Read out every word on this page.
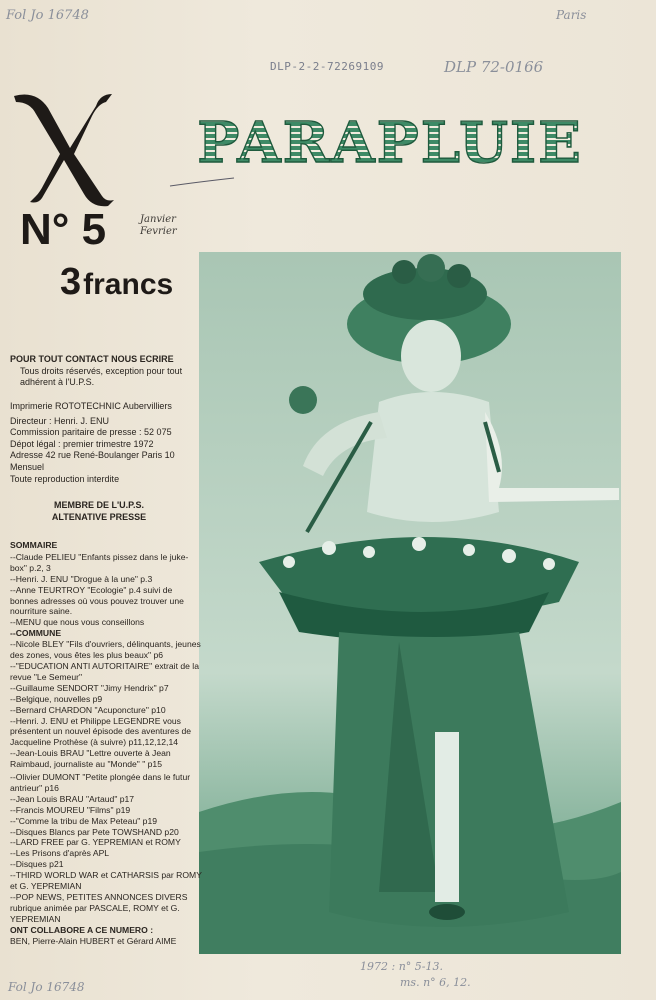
Fol Jo 16748	Paris
DLP-2-2-72269109	DLP 72-0166
N° 5	Janvier
Fevrier
3 francs
PARAPLUIE

POUR TOUT CONTACT NOUS ECRIRE

Tous droits réservés, exception pour tout adhérent à l'U.P.S.

Imprimerie ROTOTECHNIC Aubervilliers

Directeur : Henri. J. ENU

Commission paritaire de presse : 52 075

Dépot légal : premier trimestre 1972

Adresse 42 rue René-Boulanger Paris 10

Mensuel

Toute reproduction interdite

MEMBRE DE L'U.P.S.

ALTENATIVE PRESSE

SOMMAIRE

--Claude PELIEU "Enfants pissez dans le juke-box" p.2, 3

--Henri. J. ENU "Drogue à la une" p.3

--Anne TEURTROY "Ecologie" p.4 suivi de bonnes adresses où vous pouvez trouver une nourriture saine.

--MENU que nous vous conseillons

--COMMUNE

--Nicole BLEY "Fils d'ouvriers, délinquants, jeunes des zones, vous êtes les plus beaux" p6

--"EDUCATION ANTI AUTORITAIRE" extrait de la revue "Le Semeur"

--Guillaume SENDORT "Jimy Hendrix" p7

--Belgique, nouvelles p9

--Bernard CHARDON "Acuponcture" p10

--Henri. J. ENU et Philippe LEGENDRE vous présentent un nouvel épisode des aventures de Jacqueline Prothèse (à suivre) p11,12,12,14

--Jean-Louis BRAU "Lettre ouverte à Jean Raimbaud, journaliste au "Monde" " p15

--Olivier DUMONT "Petite plongée dans le futur antrieur" p16

--Jean Louis BRAU "Artaud" p17

--Francis MOUREU "Films" p19

--"Comme la tribu de Max Peteau" p19

--Disques Blancs par Pete TOWSHAND p20

--LARD FREE par G. YEPREMIAN et ROMY

--Les Prisons d'après APL

--Disques p21

--THIRD WORLD WAR et CATHARSIS par ROMY et G. YEPREMIAN

--POP NEWS, PETITES ANNONCES DIVERS rubrique animée par PASCALE, ROMY et G. YEPREMIAN

ONT COLLABORE A CE NUMERO :

BEN, Pierre-Alain HUBERT et Gérard AIME

Fol Jo 16748
1972 : n° 5-13.
ms. n° 6, 12.
